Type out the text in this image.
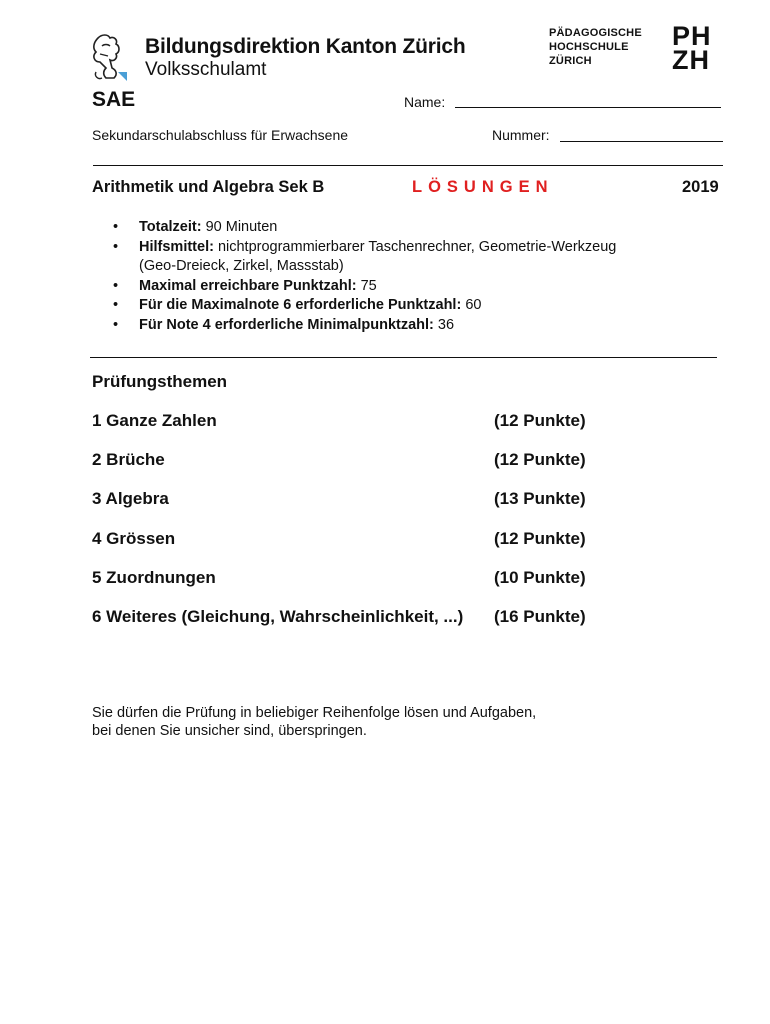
Bildungsdirektion Kanton Zürich
Volksschulamt
PÄDAGOGISCHE
HOCHSCHULE
ZÜRICH
PH
ZH
SAE	Name:
Sekundarschulabschluss für Erwachsene	Nummer:
Arithmetik und Algebra Sek B	LÖSUNGEN	2019
• Totalzeit: 90 Minuten
• Hilfsmittel: nichtprogrammierbarer Taschenrechner, Geometrie-Werkzeug
(Geo-Dreieck, Zirkel, Massstab)
• Maximal erreichbare Punktzahl: 75
• Für die Maximalnote 6 erforderliche Punktzahl: 60
• Für Note 4 erforderliche Minimalpunktzahl: 36
Prüfungsthemen
1 Ganze Zahlen	(12 Punkte)
2 Brüche	(12 Punkte)
3 Algebra	(13 Punkte)
4 Grössen	(12 Punkte)
5 Zuordnungen	(10 Punkte)
6 Weiteres (Gleichung, Wahrscheinlichkeit, ...) (16 Punkte)
Sie dürfen die Prüfung in beliebiger Reihenfolge lösen und Aufgaben,
bei denen Sie unsicher sind, überspringen.
